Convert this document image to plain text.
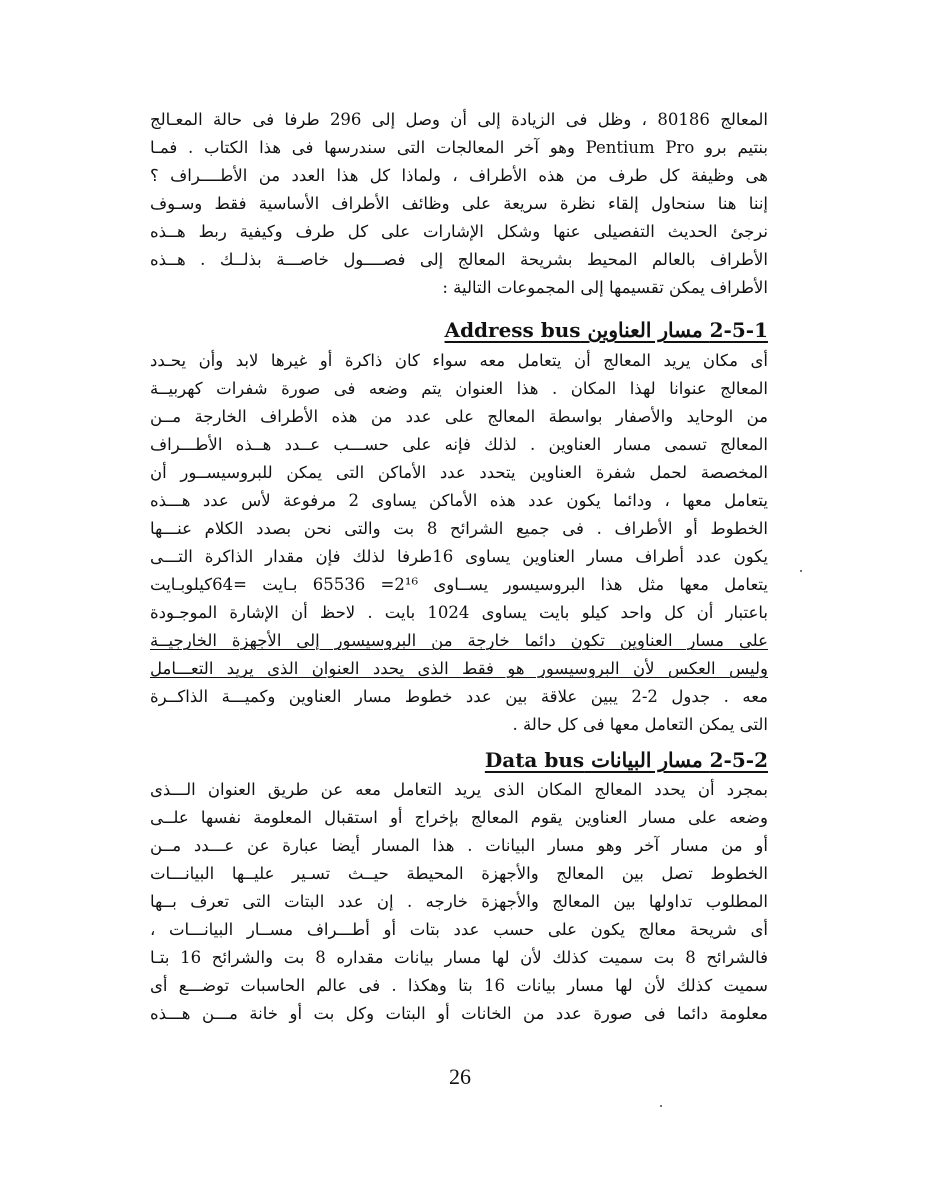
المعالج 80186 ، وظل فى الزيادة إلى أن وصل إلى 296 طرفا فى حالة المعـالج
بنتيم برو Pentium Pro وهو آخر المعالجات التى سندرسها فى هذا الكتاب . فمـا
هى وظيفة كل طرف من هذه الأطراف ، ولماذا كل هذا العدد من الأطــــراف ؟
إننا هنا سنحاول إلقاء نظرة سريعة على وظائف الأطراف الأساسية فقط وسـوف
نرجئ الحديث التفصيلى عنها وشكل الإشارات على كل طرف وكيفية ربط هــذه
الأطراف بالعالم المحيط بشريحة المعالج إلى فصــــول خاصـــة بذلــك . هــذه
الأطراف يمكن تقسيمها إلى المجموعات التالية :
2-5-1 مسار العناوين Address bus
أى مكان يريد المعالج أن يتعامل معه سواء كان ذاكرة أو غيرها لابد وأن يحـدد
المعالج عنوانا لهذا المكان . هذا العنوان يتم وضعه فى صورة شفرات كهربيــة
من الوحايد والأصفار بواسطة المعالج على عدد من هذه الأطراف الخارجة مــن
المعالج تسمى مسار العناوين . لذلك فإنه على حســـب عــدد هــذه الأطـــراف
المخصصة لحمل شفرة العناوين يتحدد عدد الأماكن التى يمكن للبروسيســور أن
يتعامل معها ، ودائما يكون عدد هذه الأماكن يساوى 2 مرفوعة لأس عدد هـــذه
الخطوط أو الأطراف . فى جميع الشرائح 8 بت والتى نحن بصدد الكلام عنـــها
يكون عدد أطراف مسار العناوين يساوى 16طرفا لذلك فإن مقدار الذاكرة التـــى
يتعامل معها مثل هذا البروسيسور يســاوى 2¹⁶= 65536 بـايت =64كيلوبـايت
باعتبار أن كل واحد كيلو بايت يساوى 1024 بايت . لاحظ أن الإشارة الموجـودة
على مسار العناوين تكون دائما خارجة من البروسيسور إلى الأجهزة الخارجيــة
وليس العكس لأن البروسيسور هو فقط الذى يحدد العنوان الذى يريد التعـــامل
معه . جدول 2-2 يبين علاقة بين عدد خطوط مسار العناوين وكميـــة الذاكــرة
التى يمكن التعامل معها فى كل حالة .
2-5-2 مسار البيانات Data bus
بمجرد أن يحدد المعالج المكان الذى يريد التعامل معه عن طريق العنوان الـــذى
وضعه على مسار العناوين يقوم المعالج بإخراج أو استقبال المعلومة نفسها علــى
أو من مسار آخر وهو مسار البيانات . هذا المسار أيضا عبارة عن عـــدد مــن
الخطوط تصل بين المعالج والأجهزة المحيطة حيــث تسـير عليــها البيانـــات
المطلوب تداولها بين المعالج والأجهزة خارجه . إن عدد البتات التى تعرف بــها
أى شريحة معالج يكون على حسب عدد بتات أو أطـــراف مســار البيانـــات ،
فالشرائح 8 بت سميت كذلك لأن لها مسار بيانات مقداره 8 بت والشرائح 16 بتـا
سميت كذلك لأن لها مسار بيانات 16 بتا وهكذا . فى عالم الحاسبات توضـــع أى
معلومة دائما فى صورة عدد من الخانات أو البتات وكل بت أو خانة مـــن هـــذه
26
